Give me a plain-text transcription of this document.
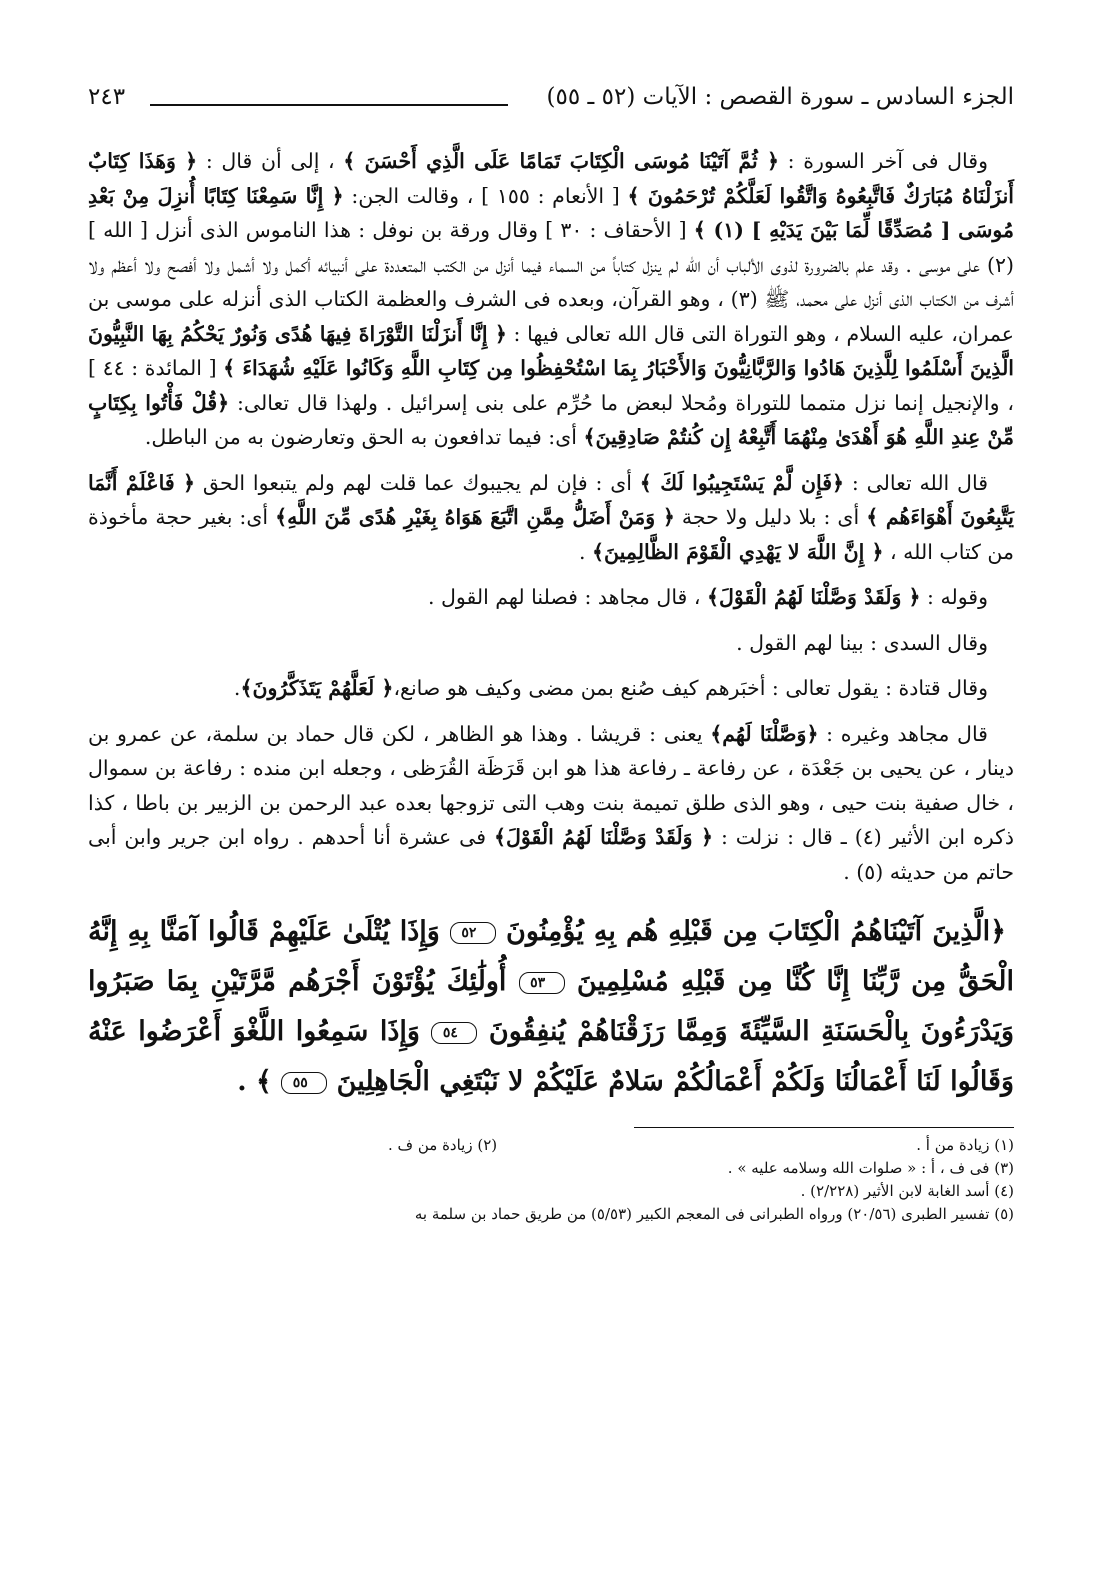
الجزء السادس ـ سورة القصص : الآيات (٥٢ ـ ٥٥)
٢٤٣

وقال فى آخر السورة : ﴿ ثُمَّ آتَيْنَا مُوسَى الْكِتَابَ تَمَامًا عَلَى الَّذِي أَحْسَنَ ﴾ ، إلى أن قال : ﴿ وَهَذَا كِتَابٌ أَنزَلْنَاهُ مُبَارَكٌ فَاتَّبِعُوهُ وَاتَّقُوا لَعَلَّكُمْ تُرْحَمُونَ ﴾ [ الأنعام : ١٥٥ ] ، وقالت الجن: ﴿ إِنَّا سَمِعْنَا كِتَابًا أُنزِلَ مِنْ بَعْدِ مُوسَى [ مُصَدِّقًا لِّمَا بَيْنَ يَدَيْهِ ] (١) ﴾ [ الأحقاف : ٣٠ ] وقال ورقة بن نوفل : هذا الناموس الذى أنزل [ الله ] (٢) على موسى . وقد علم بالضرورة لذوى الألباب أن الله لم ينزل كتاباً من السماء فيما أنزل من الكتب المتعددة على أنبيائه أكمل ولا أشمل ولا أفصح ولا أعظم ولا أشرف من الكتاب الذى أنزل على محمد، ﷺ (٣) ، وهو القرآن، وبعده فى الشرف والعظمة الكتاب الذى أنزله على موسى بن عمران، عليه السلام ، وهو التوراة التى قال الله تعالى فيها : ﴿ إِنَّا أَنزَلْنَا التَّوْرَاةَ فِيهَا هُدًى وَنُورٌ يَحْكُمُ بِهَا النَّبِيُّونَ الَّذِينَ أَسْلَمُوا لِلَّذِينَ هَادُوا وَالرَّبَّانِيُّونَ وَالأَحْبَارُ بِمَا اسْتُحْفِظُوا مِن كِتَابِ اللَّهِ وَكَانُوا عَلَيْهِ شُهَدَاءَ ﴾ [ المائدة : ٤٤ ] ، والإنجيل إنما نزل متمما للتوراة ومُحلا لبعض ما حُرِّم على بنى إسرائيل . ولهذا قال تعالى: ﴿قُلْ فَأْتُوا بِكِتَابٍ مِّنْ عِندِ اللَّهِ هُوَ أَهْدَىٰ مِنْهُمَا أَتَّبِعْهُ إِن كُنتُمْ صَادِقِينَ﴾ أى: فيما تدافعون به الحق وتعارضون به من الباطل.

قال الله تعالى : ﴿فَإِن لَّمْ يَسْتَجِيبُوا لَكَ ﴾ أى : فإن لم يجيبوك عما قلت لهم ولم يتبعوا الحق ﴿ فَاعْلَمْ أَنَّمَا يَتَّبِعُونَ أَهْوَاءَهُم ﴾ أى : بلا دليل ولا حجة ﴿ وَمَنْ أَضَلُّ مِمَّنِ اتَّبَعَ هَوَاهُ بِغَيْرِ هُدًى مِّنَ اللَّهِ﴾ أى: بغير حجة مأخوذة من كتاب الله ، ﴿ إِنَّ اللَّهَ لا يَهْدِي الْقَوْمَ الظَّالِمِينَ﴾ .

وقوله : ﴿ وَلَقَدْ وَصَّلْنَا لَهُمُ الْقَوْلَ﴾ ، قال مجاهد : فصلنا لهم القول .

وقال السدى : بينا لهم القول .

وقال قتادة : يقول تعالى : أخبَرهم كيف صُنع بمن مضى وكيف هو صانع،﴿ لَعَلَّهُمْ يَتَذَكَّرُونَ﴾.

قال مجاهد وغيره : ﴿وَصَّلْنَا لَهُم﴾ يعنى : قريشا . وهذا هو الظاهر ، لكن قال حماد بن سلمة، عن عمرو بن دينار ، عن يحيى بن جَعْدَة ، عن رفاعة ـ رفاعة هذا هو ابن قَرَظَة القُرَظى ، وجعله ابن منده : رفاعة بن سموال ، خال صفية بنت حيى ، وهو الذى طلق تميمة بنت وهب التى تزوجها بعده عبد الرحمن بن الزبير بن باطا ، كذا ذكره ابن الأثير (٤) ـ قال : نزلت : ﴿ وَلَقَدْ وَصَّلْنَا لَهُمُ الْقَوْلَ﴾ فى عشرة أنا أحدهم . رواه ابن جرير وابن أبى حاتم من حديثه (٥) .

﴿الَّذِينَ آتَيْنَاهُمُ الْكِتَابَ مِن قَبْلِهِ هُم بِهِ يُؤْمِنُونَ ٥٢ وَإِذَا يُتْلَىٰ عَلَيْهِمْ قَالُوا آمَنَّا بِهِ إِنَّهُ الْحَقُّ مِن رَّبِّنَا إِنَّا كُنَّا مِن قَبْلِهِ مُسْلِمِينَ ٥٣ أُولَٰئِكَ يُؤْتَوْنَ أَجْرَهُم مَّرَّتَيْنِ بِمَا صَبَرُوا وَيَدْرَءُونَ بِالْحَسَنَةِ السَّيِّئَةَ وَمِمَّا رَزَقْنَاهُمْ يُنفِقُونَ ٥٤ وَإِذَا سَمِعُوا اللَّغْوَ أَعْرَضُوا عَنْهُ وَقَالُوا لَنَا أَعْمَالُنَا وَلَكُمْ أَعْمَالُكُمْ سَلامٌ عَلَيْكُمْ لا نَبْتَغِي الْجَاهِلِينَ ٥٥ ﴾ .

(١) زيادة من أ .
(٢) زيادة من ف .
(٣) فى ف ، أ : « صلوات الله وسلامه عليه » .
(٤) أسد الغابة لابن الأثير (٢/٢٢٨) .
(٥) تفسير الطبرى (٢٠/٥٦) ورواه الطبرانى فى المعجم الكبير (٥/٥٣) من طريق حماد بن سلمة به
